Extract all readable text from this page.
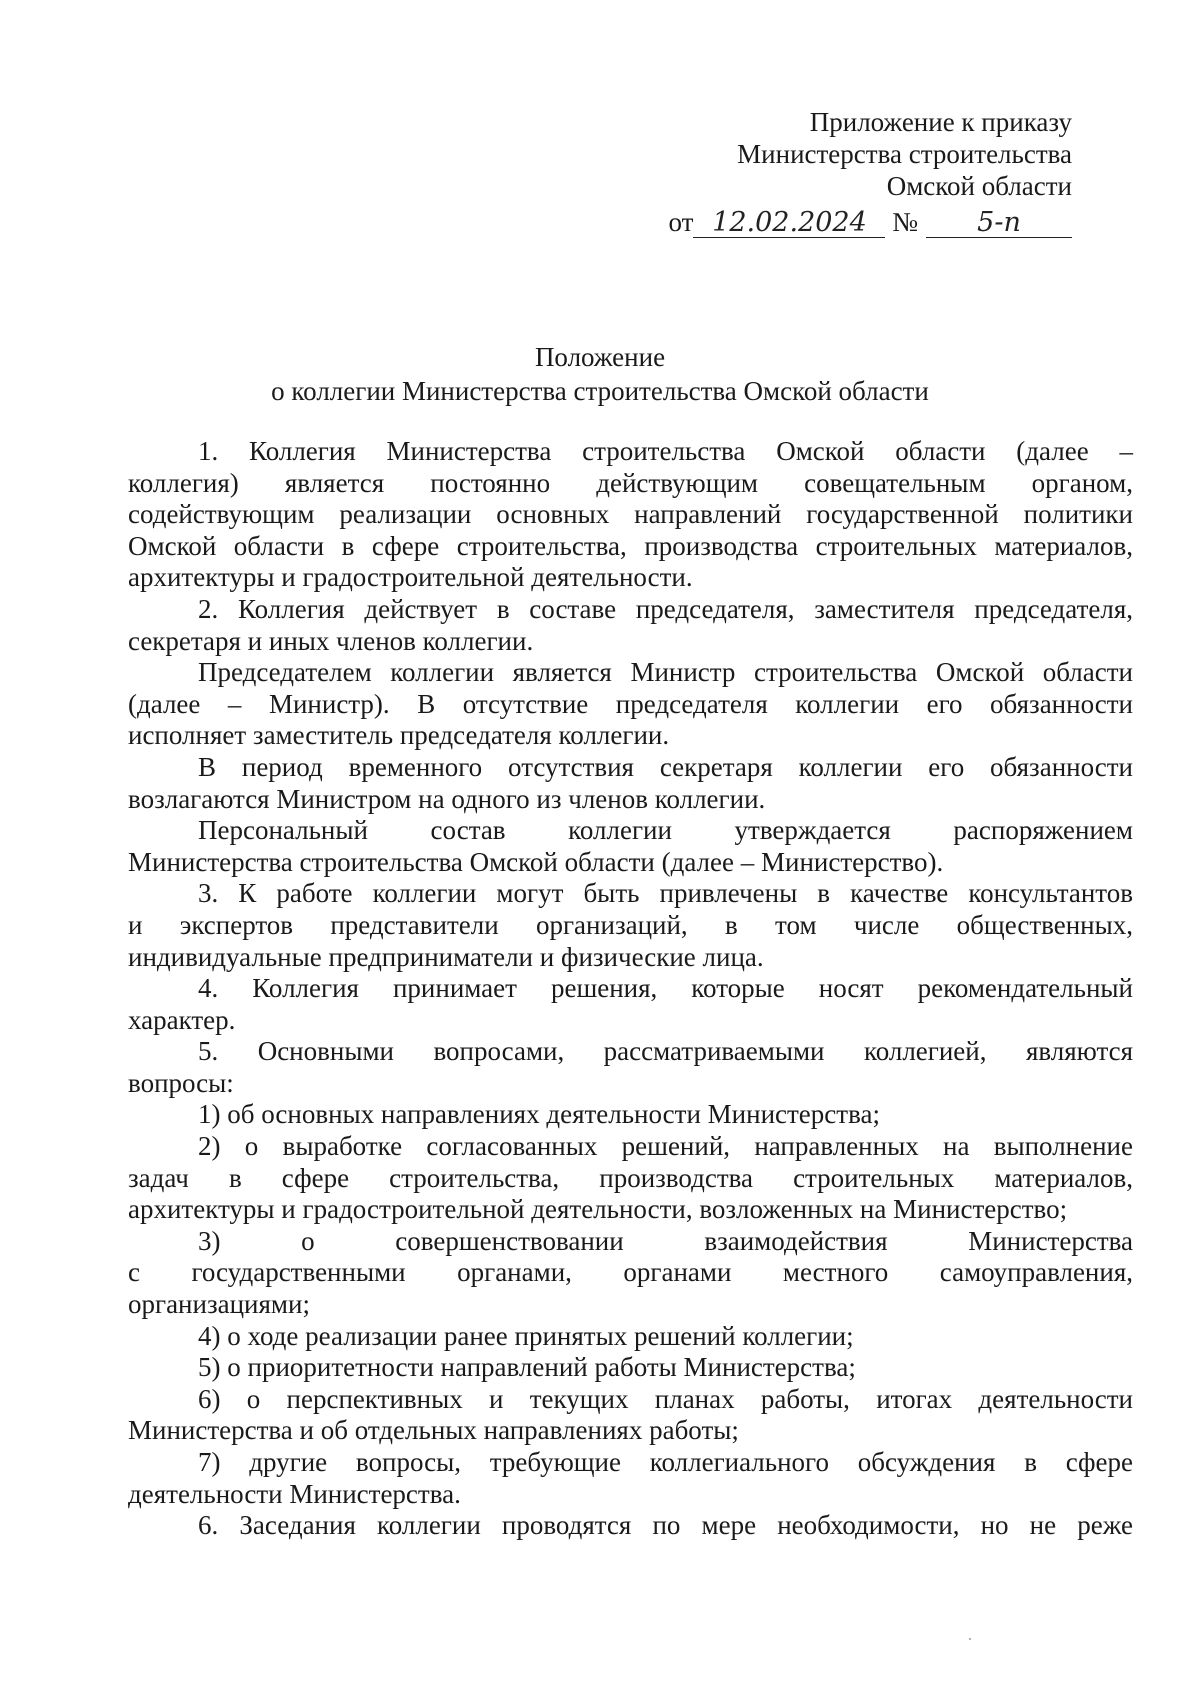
Приложение к приказу
Министерства строительства
Омской области
от 12.02.2024 № 5-п
Положение
о коллегии Министерства строительства Омской области
1. Коллегия Министерства строительства Омской области (далее –
коллегия) является постоянно действующим совещательным органом,
содействующим реализации основных направлений государственной политики
Омской области в сфере строительства, производства строительных материалов,
архитектуры и градостроительной деятельности.
2. Коллегия действует в составе председателя, заместителя председателя,
секретаря и иных членов коллегии.
Председателем коллегии является Министр строительства Омской области
(далее – Министр). В отсутствие председателя коллегии его обязанности
исполняет заместитель председателя коллегии.
В период временного отсутствия секретаря коллегии его обязанности
возлагаются Министром на одного из членов коллегии.
Персональный состав коллегии утверждается распоряжением
Министерства строительства Омской области (далее – Министерство).
3. К работе коллегии могут быть привлечены в качестве консультантов
и экспертов представители организаций, в том числе общественных,
индивидуальные предприниматели и физические лица.
4. Коллегия принимает решения, которые носят рекомендательный
характер.
5. Основными вопросами, рассматриваемыми коллегией, являются
вопросы:
1) об основных направлениях деятельности Министерства;
2) о выработке согласованных решений, направленных на выполнение
задач в сфере строительства, производства строительных материалов,
архитектуры и градостроительной деятельности, возложенных на Министерство;
3) о совершенствовании взаимодействия Министерства
с государственными органами, органами местного самоуправления,
организациями;
4) о ходе реализации ранее принятых решений коллегии;
5) о приоритетности направлений работы Министерства;
6) о перспективных и текущих планах работы, итогах деятельности
Министерства и об отдельных направлениях работы;
7) другие вопросы, требующие коллегиального обсуждения в сфере
деятельности Министерства.
6. Заседания коллегии проводятся по мере необходимости, но не реже
